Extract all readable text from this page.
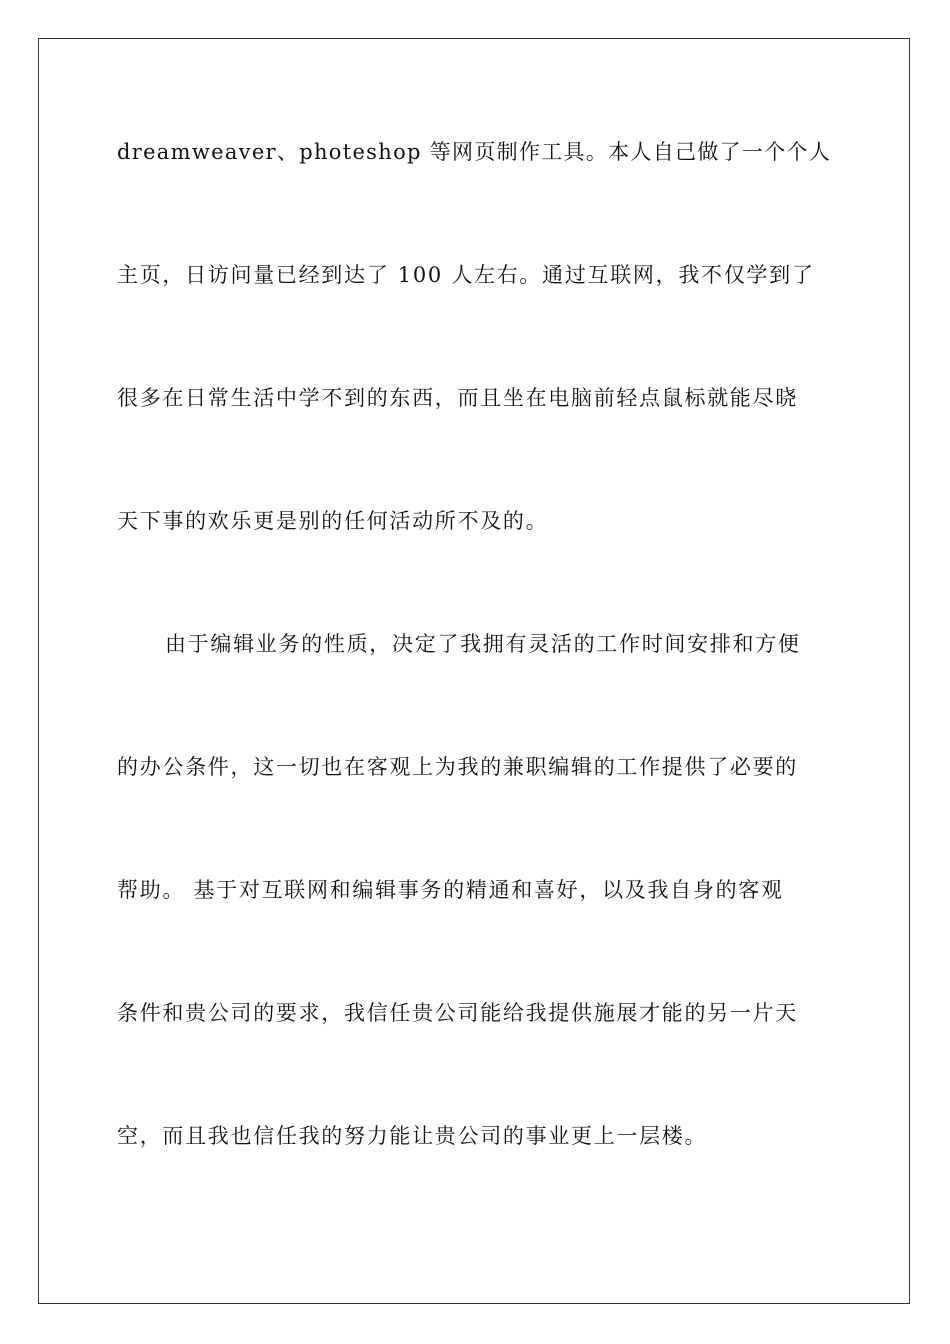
dreamweaver、photeshop 等网页制作工具。本人自己做了一个个人
主页，日访问量已经到达了 100 人左右。通过互联网，我不仅学到了
很多在日常生活中学不到的东西，而且坐在电脑前轻点鼠标就能尽晓
天下事的欢乐更是别的任何活动所不及的。
由于编辑业务的性质，决定了我拥有灵活的工作时间安排和方便
的办公条件，这一切也在客观上为我的兼职编辑的工作提供了必要的
帮助。 基于对互联网和编辑事务的精通和喜好，以及我自身的客观
条件和贵公司的要求，我信任贵公司能给我提供施展才能的另一片天
空，而且我也信任我的努力能让贵公司的事业更上一层楼。
